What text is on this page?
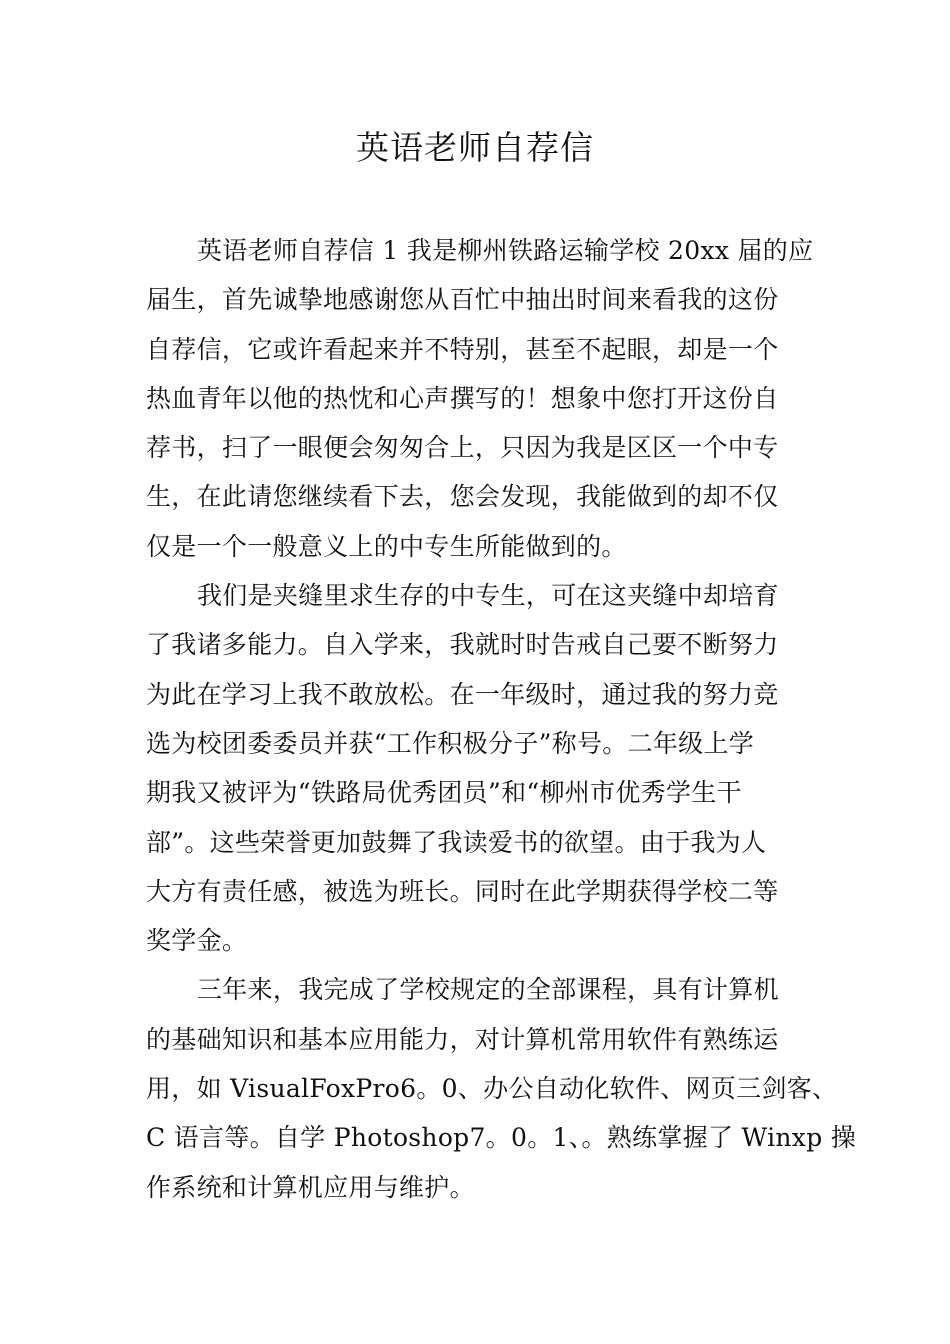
英语老师自荐信
英语老师自荐信 1 我是柳州铁路运输学校 20xx 届的应
届生，首先诚挚地感谢您从百忙中抽出时间来看我的这份
自荐信，它或许看起来并不特别，甚至不起眼，却是一个
热血青年以他的热忱和心声撰写的！想象中您打开这份自
荐书，扫了一眼便会匆匆合上，只因为我是区区一个中专
生，在此请您继续看下去，您会发现，我能做到的却不仅
仅是一个一般意义上的中专生所能做到的。
我们是夹缝里求生存的中专生，可在这夹缝中却培育
了我诸多能力。自入学来，我就时时告戒自己要不断努力
为此在学习上我不敢放松。在一年级时，通过我的努力竞
选为校团委委员并获“工作积极分子”称号。二年级上学
期我又被评为“铁路局优秀团员”和“柳州市优秀学生干
部”。这些荣誉更加鼓舞了我读爱书的欲望。由于我为人
大方有责任感，被选为班长。同时在此学期获得学校二等
奖学金。
三年来，我完成了学校规定的全部课程，具有计算机
的基础知识和基本应用能力，对计算机常用软件有熟练运
用，如 VisualFoxPro6。0、办公自动化软件、网页三剑客、
C 语言等。自学 Photoshop7。0。1、。熟练掌握了 Winxp 操
作系统和计算机应用与维护。
